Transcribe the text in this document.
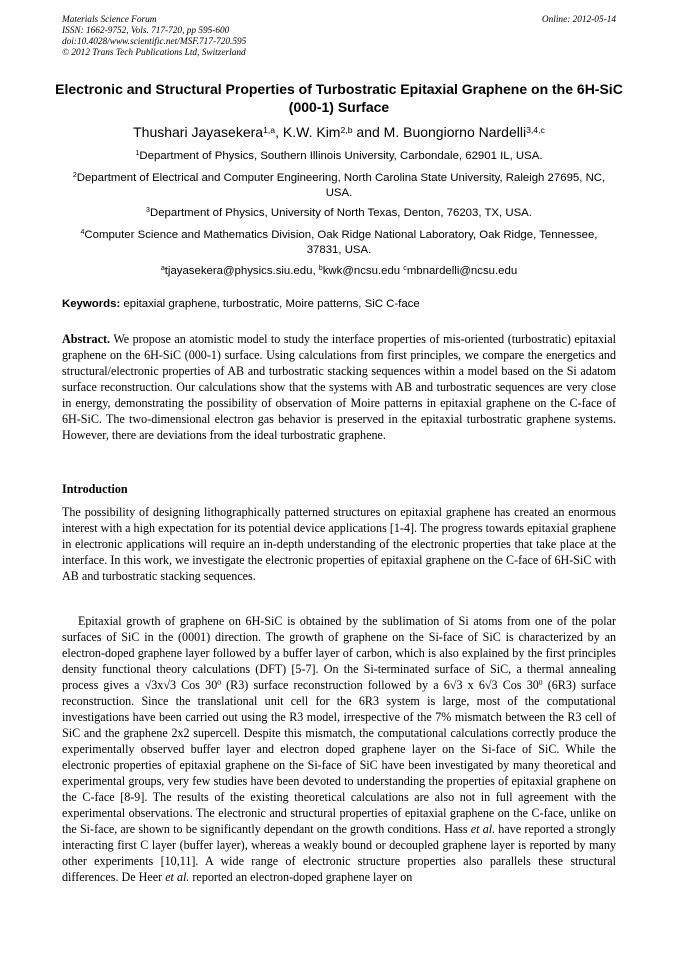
Materials Science Forum
ISSN: 1662-9752, Vols. 717-720, pp 595-600
doi:10.4028/www.scientific.net/MSF.717-720.595
© 2012 Trans Tech Publications Ltd, Switzerland
Online: 2012-05-14
Electronic and Structural Properties of Turbostratic Epitaxial Graphene on the 6H-SiC (000-1) Surface
Thushari Jayasekera$^{1,a}$, K.W. Kim$^{2,b}$ and M. Buongiorno Nardelli$^{3,4,c}$
$^1$Department of Physics, Southern Illinois University, Carbondale, 62901 IL, USA.
$^2$Department of Electrical and Computer Engineering, North Carolina State University, Raleigh 27695, NC, USA.
$^3$Department of Physics, University of North Texas, Denton, 76203, TX, USA.
$^4$Computer Science and Mathematics Division, Oak Ridge National Laboratory, Oak Ridge, Tennessee, 37831, USA.
$^a$tjayasekera@physics.siu.edu, $^b$kwk@ncsu.edu $^c$mbnardelli@ncsu.edu
Keywords: epitaxial graphene, turbostratic, Moire patterns, SiC C-face
Abstract. We propose an atomistic model to study the interface properties of mis-oriented (turbostratic) epitaxial graphene on the 6H-SiC (000-1) surface. Using calculations from first principles, we compare the energetics and structural/electronic properties of AB and turbostratic stacking sequences within a model based on the Si adatom surface reconstruction. Our calculations show that the systems with AB and turbostratic sequences are very close in energy, demonstrating the possibility of observation of Moire patterns in epitaxial graphene on the C-face of 6H-SiC. The two-dimensional electron gas behavior is preserved in the epitaxial turbostratic graphene systems. However, there are deviations from the ideal turbostratic graphene.
Introduction
The possibility of designing lithographically patterned structures on epitaxial graphene has created an enormous interest with a high expectation for its potential device applications [1-4]. The progress towards epitaxial graphene in electronic applications will require an in-depth understanding of the electronic properties that take place at the interface. In this work, we investigate the electronic properties of epitaxial graphene on the C-face of 6H-SiC with AB and turbostratic stacking sequences.
Epitaxial growth of graphene on 6H-SiC is obtained by the sublimation of Si atoms from one of the polar surfaces of SiC in the (0001) direction. The growth of graphene on the Si-face of SiC is characterized by an electron-doped graphene layer followed by a buffer layer of carbon, which is also explained by the first principles density functional theory calculations (DFT) [5-7]. On the Si-terminated surface of SiC, a thermal annealing process gives a √3x√3 Cos $30^0$ (R3) surface reconstruction followed by a 6√3 x 6√3 Cos $30^0$ (6R3) surface reconstruction. Since the translational unit cell for the 6R3 system is large, most of the computational investigations have been carried out using the R3 model, irrespective of the 7% mismatch between the R3 cell of SiC and the graphene 2x2 supercell. Despite this mismatch, the computational calculations correctly produce the experimentally observed buffer layer and electron doped graphene layer on the Si-face of SiC. While the electronic properties of epitaxial graphene on the Si-face of SiC have been investigated by many theoretical and experimental groups, very few studies have been devoted to understanding the properties of epitaxial graphene on the C-face [8-9]. The results of the existing theoretical calculations are also not in full agreement with the experimental observations. The electronic and structural properties of epitaxial graphene on the C-face, unlike on the Si-face, are shown to be significantly dependant on the growth conditions. Hass et al. have reported a strongly interacting first C layer (buffer layer), whereas a weakly bound or decoupled graphene layer is reported by many other experiments [10,11]. A wide range of electronic structure properties also parallels these structural differences. De Heer et al. reported an electron-doped graphene layer on
